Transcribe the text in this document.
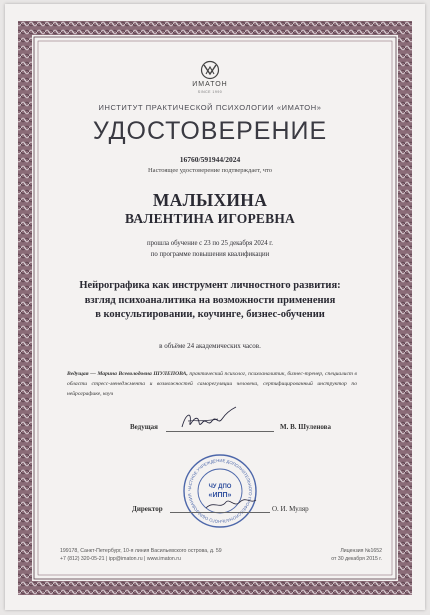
ИМАТОН
SINCE 1990
ИНСТИТУТ ПРАКТИЧЕСКОЙ ПСИХОЛОГИИ «ИМАТОН»
УДОСТОВЕРЕНИЕ
16760/591944/2024
Настоящее удостоверение подтверждает, что
МАЛЫХИНА
ВАЛЕНТИНА ИГОРЕВНА
прошла обучение с 23 по 25 декабря 2024 г.
по программе повышения квалификации
Нейрографика как инструмент личностного развития:
взгляд психоаналитика на возможности применения
в консультировании, коучинге, бизнес-обучении
в объёме 24 академических часов.
Ведущая — Марина Всеволодовна ШУЛЕПОВА, практический психолог, психоаналитик, бизнес-тренер, специалист в области стресс-менеджмента и возможностей саморегуляции человека, сертифицированный инструктор по нейрографике, коуч
Ведущая	М. В. Шуленова
ЧАСТНОЕ УЧРЕЖДЕНИЕ ДОПОЛНИТЕЛЬНОГО ПРОФЕССИОНАЛЬНОГО ОБРАЗОВАНИЯ
ЧУ ДПО
«ИПП»
Директор	О. И. Муляр
199178, Санкт-Петербург, 10-я линия Васильевского острова, д. 59
+7 (812) 320-05-21 | ipp@imaton.ru | www.imaton.ru
Лицензия №1652
от 30 декабря 2015 г.
